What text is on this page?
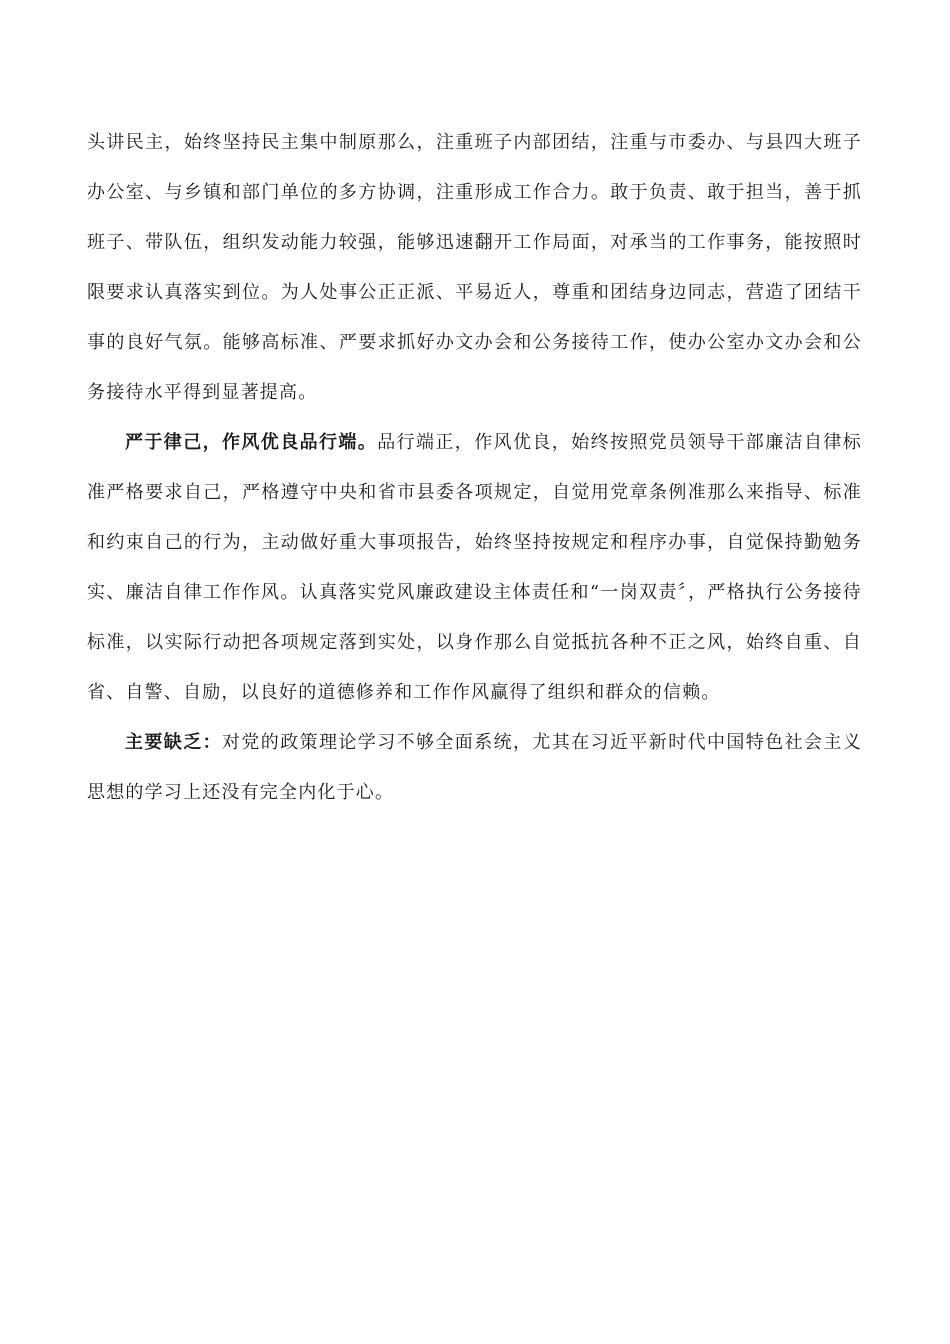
头讲民主，始终坚持民主集中制原那么，注重班子内部团结，注重与市委办、与县四大班子办公室、与乡镇和部门单位的多方协调，注重形成工作合力。敢于负责、敢于担当，善于抓班子、带队伍，组织发动能力较强，能够迅速翻开工作局面，对承当的工作事务，能按照时限要求认真落实到位。为人处事公正正派、平易近人，尊重和团结身边同志，营造了团结干事的良好气氛。能够高标准、严要求抓好办文办会和公务接待工作，使办公室办文办会和公务接待水平得到显著提高。

严于律己，作风优良品行端。品行端正，作风优良，始终按照党员领导干部廉洁自律标准严格要求自己，严格遵守中央和省市县委各项规定，自觉用党章条例准那么来指导、标准和约束自己的行为，主动做好重大事项报告，始终坚持按规定和程序办事，自觉保持勤勉务实、廉洁自律工作作风。认真落实党风廉政建设主体责任和“一岗双责〞，严格执行公务接待标准，以实际行动把各项规定落到实处，以身作那么自觉抵抗各种不正之风，始终自重、自省、自警、自励，以良好的道德修养和工作作风赢得了组织和群众的信赖。

主要缺乏：对党的政策理论学习不够全面系统，尤其在习近平新时代中国特色社会主义思想的学习上还没有完全内化于心。
